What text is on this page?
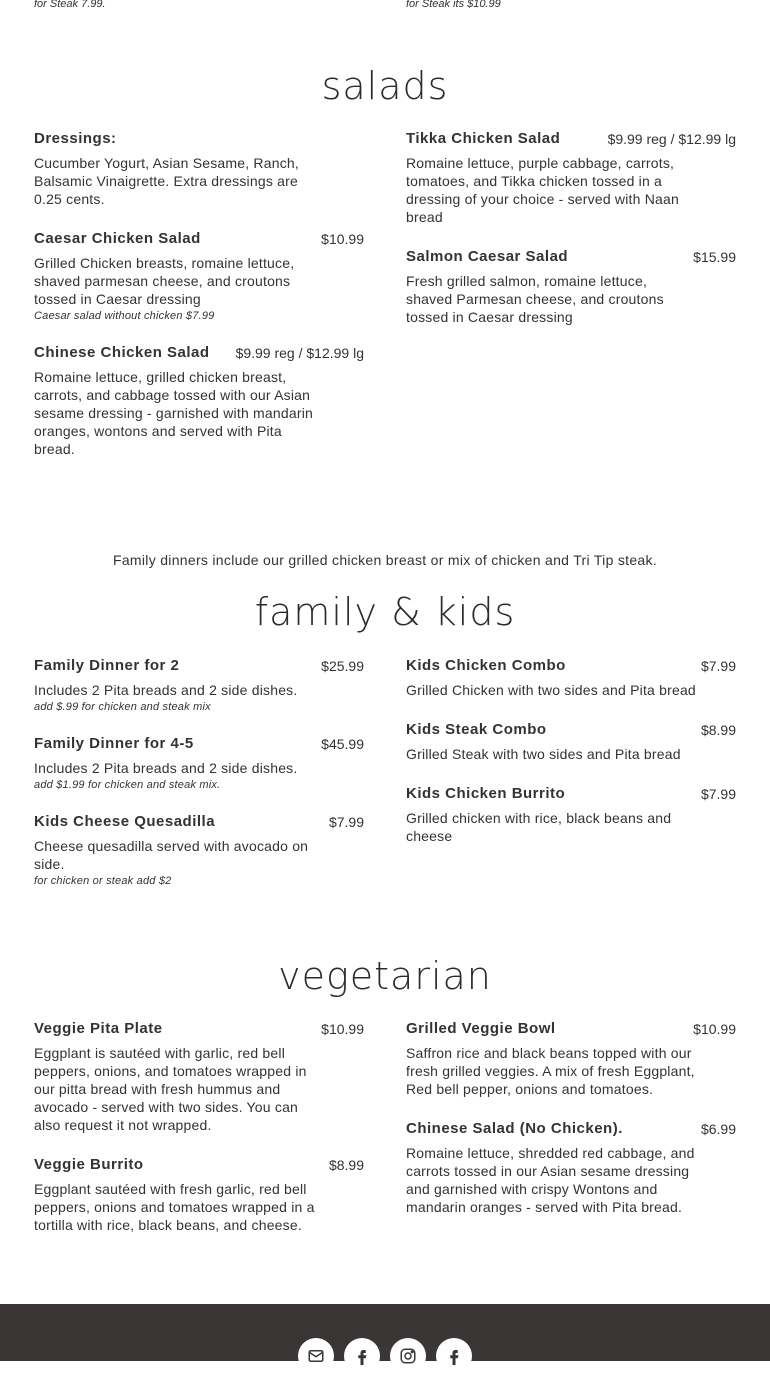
for Steak 7.99.	for Steak its $10.99
salads
Dressings:
Cucumber Yogurt, Asian Sesame, Ranch, Balsamic Vinaigrette. Extra dressings are 0.25 cents.
Caesar Chicken Salad	$10.99
Grilled Chicken breasts, romaine lettuce, shaved parmesan cheese, and croutons tossed in Caesar dressing
Caesar salad without chicken $7.99
Chinese Chicken Salad $9.99 reg / $12.99 lg
Romaine lettuce, grilled chicken breast, carrots, and cabbage tossed with our Asian sesame dressing - garnished with mandarin oranges, wontons and served with Pita bread.
Tikka Chicken Salad	$9.99 reg / $12.99 lg
Romaine lettuce, purple cabbage, carrots, tomatoes, and Tikka chicken tossed in a dressing of your choice - served with Naan bread
Salmon Caesar Salad	$15.99
Fresh grilled salmon, romaine lettuce, shaved Parmesan cheese, and croutons tossed in Caesar dressing
Family dinners include our grilled chicken breast or mix of chicken and Tri Tip steak.
family & kids
Family Dinner for 2	$25.99
Includes 2 Pita breads and 2 side dishes.
add $.99 for chicken and steak mix
Family Dinner for 4-5	$45.99
Includes 2 Pita breads and 2 side dishes.
add $1.99 for chicken and steak mix.
Kids Cheese Quesadilla	$7.99
Cheese quesadilla served with avocado on side.
for chicken or steak add $2
Kids Chicken Combo	$7.99
Grilled Chicken with two sides and Pita bread
Kids Steak Combo	$8.99
Grilled Steak with two sides and Pita bread
Kids Chicken Burrito	$7.99
Grilled chicken with rice, black beans and cheese
vegetarian
Veggie Pita Plate	$10.99
Eggplant is sautéed with garlic, red bell peppers, onions, and tomatoes wrapped in our pitta bread with fresh hummus and avocado - served with two sides. You can also request it not wrapped.
Veggie Burrito	$8.99
Eggplant sautéed with fresh garlic, red bell peppers, onions and tomatoes wrapped in a tortilla with rice, black beans, and cheese.
Grilled Veggie Bowl	$10.99
Saffron rice and black beans topped with our fresh grilled veggies. A mix of fresh Eggplant, Red bell pepper, onions and tomatoes.
Chinese Salad (No Chicken).	$6.99
Romaine lettuce, shredded red cabbage, and carrots tossed in our Asian sesame dressing and garnished with crispy Wontons and mandarin oranges - served with Pita bread.
